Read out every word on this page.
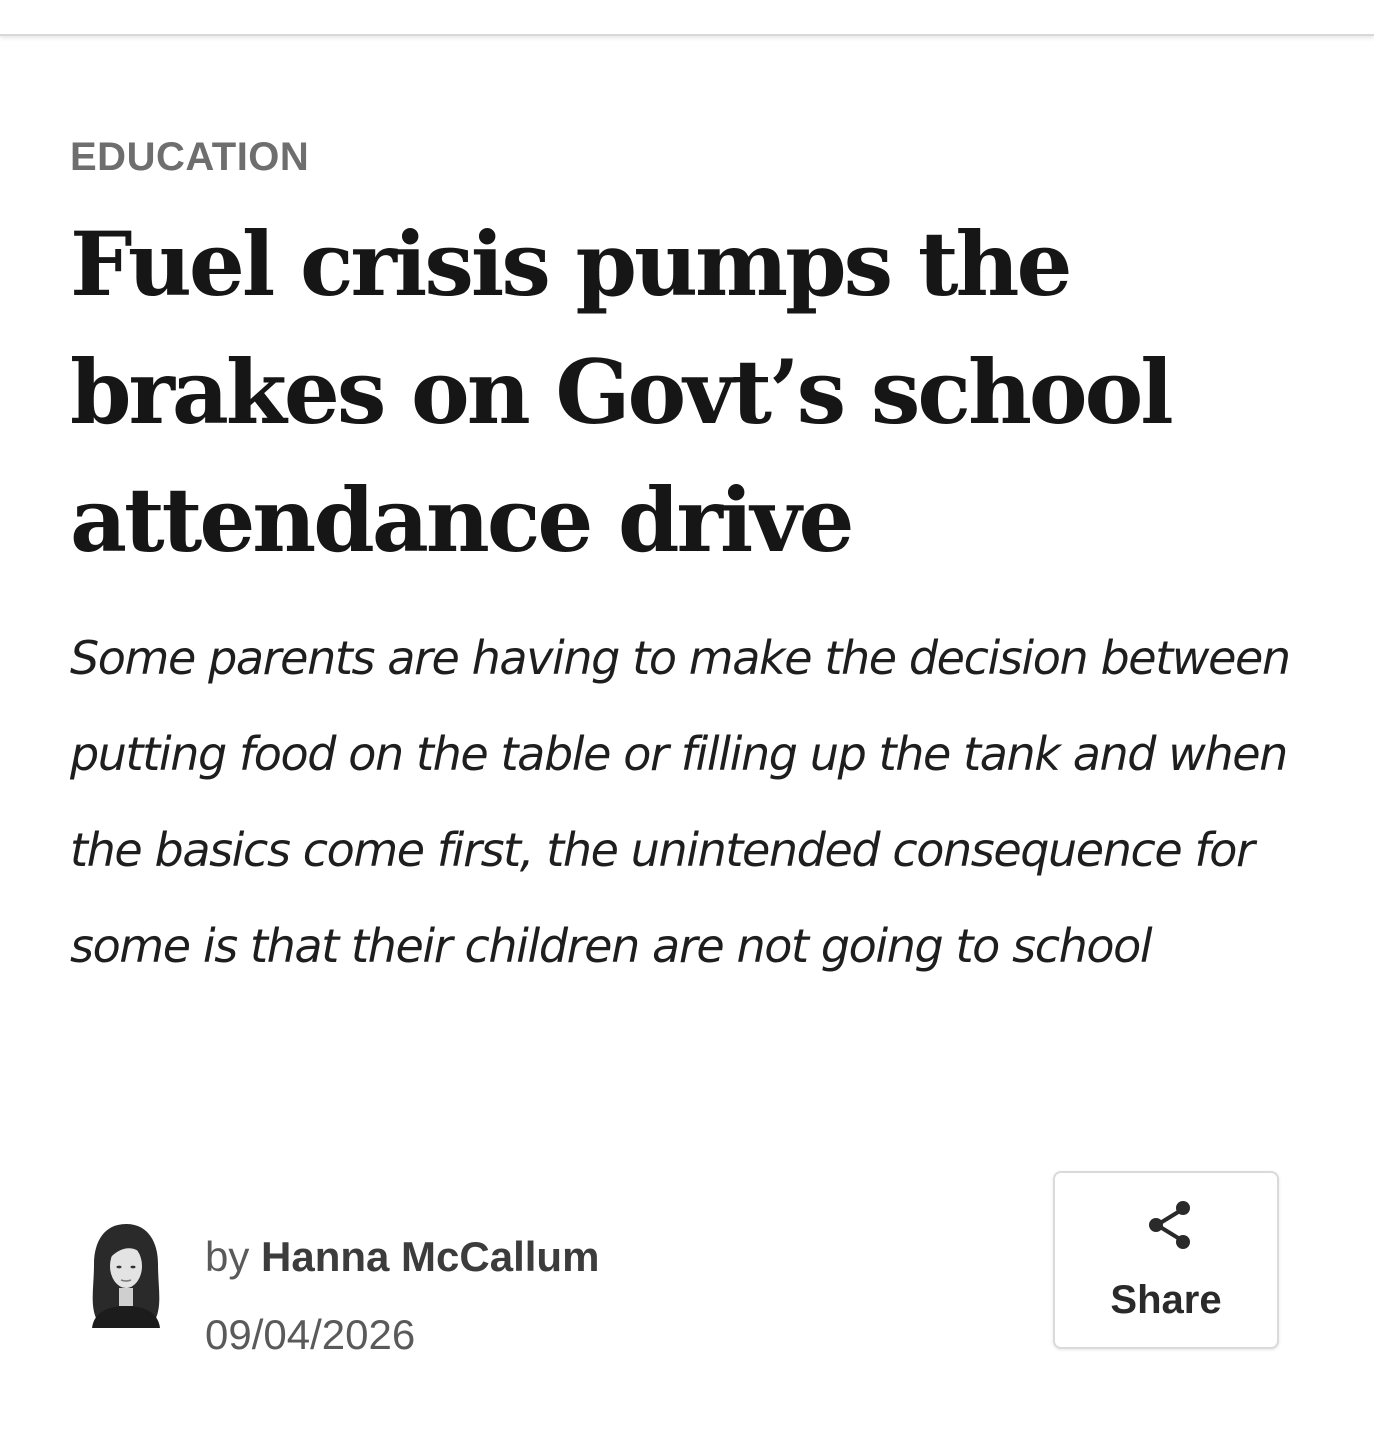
EDUCATION
Fuel crisis pumps the brakes on Govt’s school attendance drive

Some parents are having to make the decision between putting food on the table or filling up the tank and when the basics come first, the unintended consequence for some is that their children are not going to school

by Hanna McCallum
09/04/2026
Share
